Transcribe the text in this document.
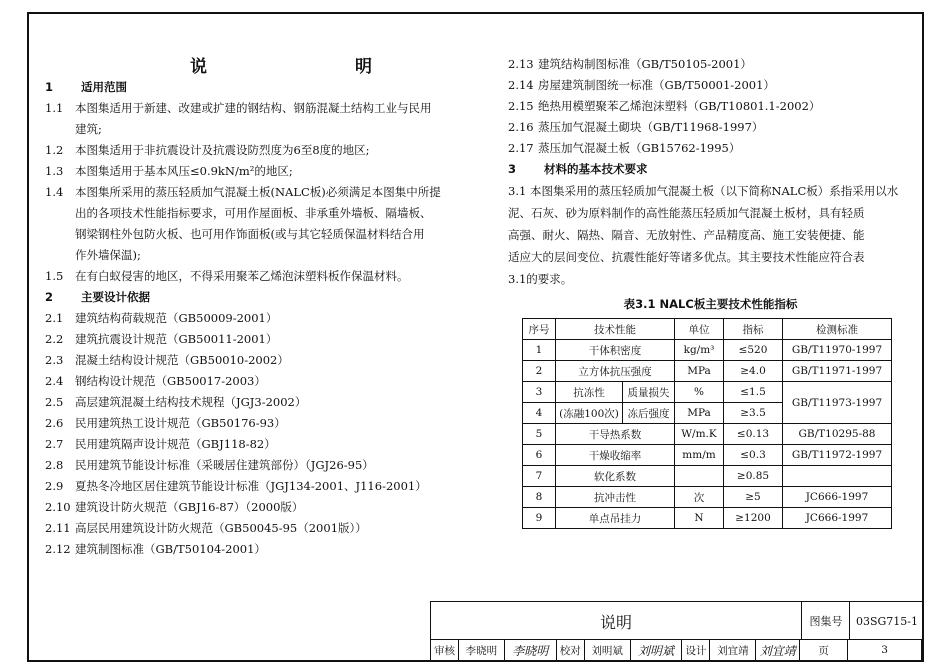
说　　明
1 适用范围
1.1 本图集适用于新建、改建或扩建的钢结构、钢筋混凝土结构工业与民用
建筑;
1.2 本图集适用于非抗震设计及抗震设防烈度为6至8度的地区;
1.3 本图集适用于基本风压≤0.9kN/m²的地区;
1.4 本图集所采用的蒸压轻质加气混凝土板(NALC板)必须满足本图集中所提
出的各项技术性能指标要求，可用作屋面板、非承重外墙板、隔墙板、
钢梁钢柱外包防火板、也可用作饰面板(或与其它轻质保温材料结合用
作外墙保温);
1.5 在有白蚁侵害的地区，不得采用聚苯乙烯泡沫塑料板作保温材料。
2 主要设计依据
2.1 建筑结构荷载规范（GB50009-2001）
2.2 建筑抗震设计规范（GB50011-2001）
2.3 混凝土结构设计规范（GB50010-2002）
2.4 钢结构设计规范（GB50017-2003）
2.5 高层建筑混凝土结构技术规程（JGJ3-2002）
2.6 民用建筑热工设计规范（GB50176-93）
2.7 民用建筑隔声设计规范（GBJ118-82）
2.8 民用建筑节能设计标准（采暖居住建筑部份）（JGJ26-95）
2.9 夏热冬冷地区居住建筑节能设计标准（JGJ134-2001、J116-2001）
2.10 建筑设计防火规范（GBJ16-87）（2000版）
2.11 高层民用建筑设计防火规范（GB50045-95（2001版））
2.12 建筑制图标准（GB/T50104-2001）
2.13 建筑结构制图标准（GB/T50105-2001）
2.14 房屋建筑制图统一标准（GB/T50001-2001）
2.15 绝热用模塑聚苯乙烯泡沫塑料（GB/T10801.1-2002）
2.16 蒸压加气混凝土砌块（GB/T11968-1997）
2.17 蒸压加气混凝土板（GB15762-1995）
3 材料的基本技术要求
3.1 本图集采用的蒸压轻质加气混凝土板（以下简称NALC板）系指采用以水
泥、石灰、砂为原料制作的高性能蒸压轻质加气混凝土板材，具有轻质
高强、耐火、隔热、隔音、无放射性、产品精度高、施工安装便捷、能
适应大的层间变位、抗震性能好等诸多优点。其主要技术性能应符合表
3.1的要求。
表3.1 NALC板主要技术性能指标
序号	技术性能		单位	指标	检测标准
1	干体积密度		kg/m³	≤520	GB/T11970-1997
2	立方体抗压强度		MPa	≥4.0	GB/T11971-1997
3	抗冻性	质量损失	%	≤1.5	GB/T11973-1997
4	(冻融100次)	冻后强度	MPa	≥3.5	
5	干导热系数		W/m.K	≤0.13	GB/T10295-88
6	干燥收缩率		mm/m	≤0.3	GB/T11972-1997
7	软化系数			≥0.85	
8	抗冲击性		次	≥5	JC666-1997
9	单点吊挂力		N	≥1200	JC666-1997
说明	图集号	03SG715-1
审核	李晓明	李晓明	校对	刘明斌	刘明斌	设计	刘宜靖 刘宜靖	页	3
